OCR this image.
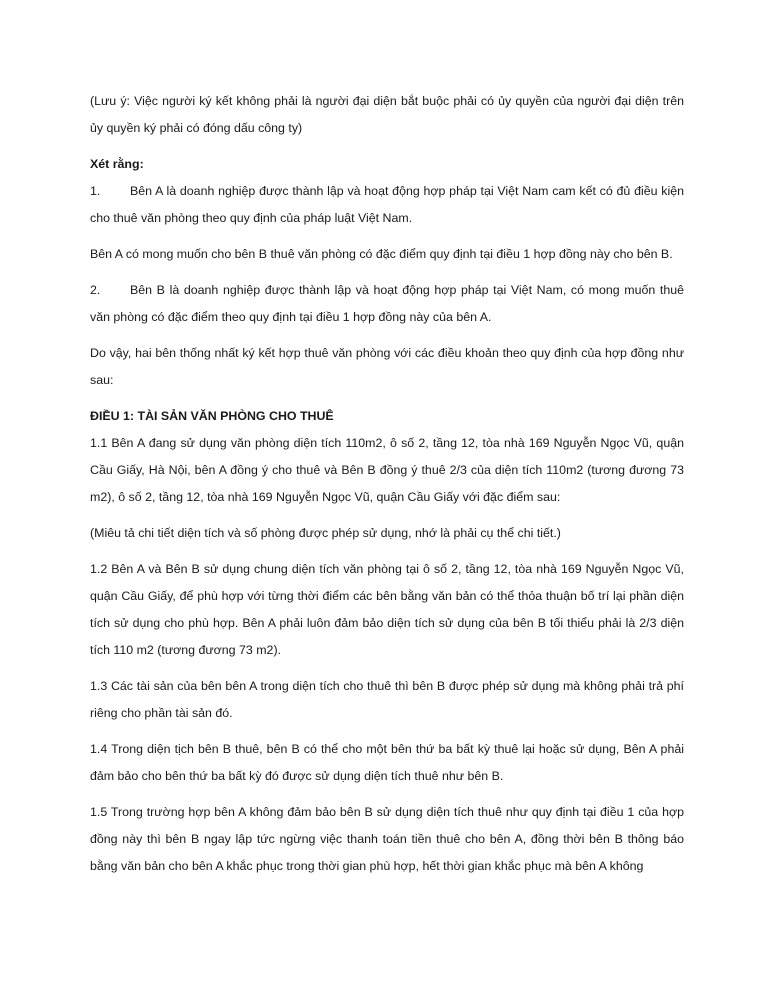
(Lưu ý: Việc người ký kết không phải là người đại diện bắt buộc phải có ủy quyền của người đại diện trên ủy quyền ký phải có đóng dấu công ty)

Xét rằng:

1. Bên A là doanh nghiệp được thành lập và hoạt động hợp pháp tại Việt Nam cam kết có đủ điều kiện cho thuê văn phòng theo quy định của pháp luật Việt Nam.

Bên A có mong muốn cho bên B thuê văn phòng có đặc điểm quy định tại điều 1 hợp đồng này cho bên B.

2. Bên B là doanh nghiệp được thành lập và hoạt động hợp pháp tại Việt Nam, có mong muốn thuê văn phòng có đặc điểm theo quy định tại điều 1 hợp đồng này của bên A.

Do vậy, hai bên thống nhất ký kết hợp thuê văn phòng với các điều khoản theo quy định của hợp đồng như sau:

ĐIỀU 1: TÀI SẢN VĂN PHÒNG CHO THUÊ

1.1 Bên A đang sử dụng văn phòng diện tích 110m2, ô số 2, tầng 12, tòa nhà 169 Nguyễn Ngọc Vũ, quận Cầu Giấy, Hà Nội, bên A đồng ý cho thuê và Bên B đồng ý thuê 2/3 của diện tích 110m2 (tương đương 73 m2), ô số 2, tầng 12, tòa nhà 169 Nguyễn Ngọc Vũ, quận Cầu Giấy với đặc điểm sau:

(Miêu tả chi tiết diện tích và số phòng được phép sử dụng, nhớ là phải cụ thể chi tiết.)

1.2 Bên A và Bên B sử dụng chung diện tích văn phòng tại ô số 2, tầng 12, tòa nhà 169 Nguyễn Ngọc Vũ, quận Cầu Giấy, để phù hợp với từng thời điểm các bên bằng văn bản có thể thỏa thuận bố trí lại phần diện tích sử dụng cho phù hợp. Bên A phải luôn đảm bảo diện tích sử dụng của bên B tối thiểu phải là 2/3 diện tích 110 m2 (tương đương 73 m2).

1.3 Các tài sản của bên bên A trong diện tích cho thuê thì bên B được phép sử dụng mà không phải trả phí riêng cho phần tài sản đó.

1.4 Trong diện tịch bên B thuê, bên B có thể cho một bên thứ ba bất kỳ thuê lại hoặc sử dụng, Bên A phải đảm bảo cho bên thứ ba bất kỳ đó được sử dụng diện tích thuê như bên B.

1.5 Trong trường hợp bên A không đảm bảo bên B sử dụng diện tích thuê như quy định tại điều 1 của hợp đồng này thì bên B ngay lập tức ngừng việc thanh toán tiền thuê cho bên A, đồng thời bên B thông báo bằng văn bản cho bên A khắc phục trong thời gian phù hợp, hết thời gian khắc phục mà bên A không
